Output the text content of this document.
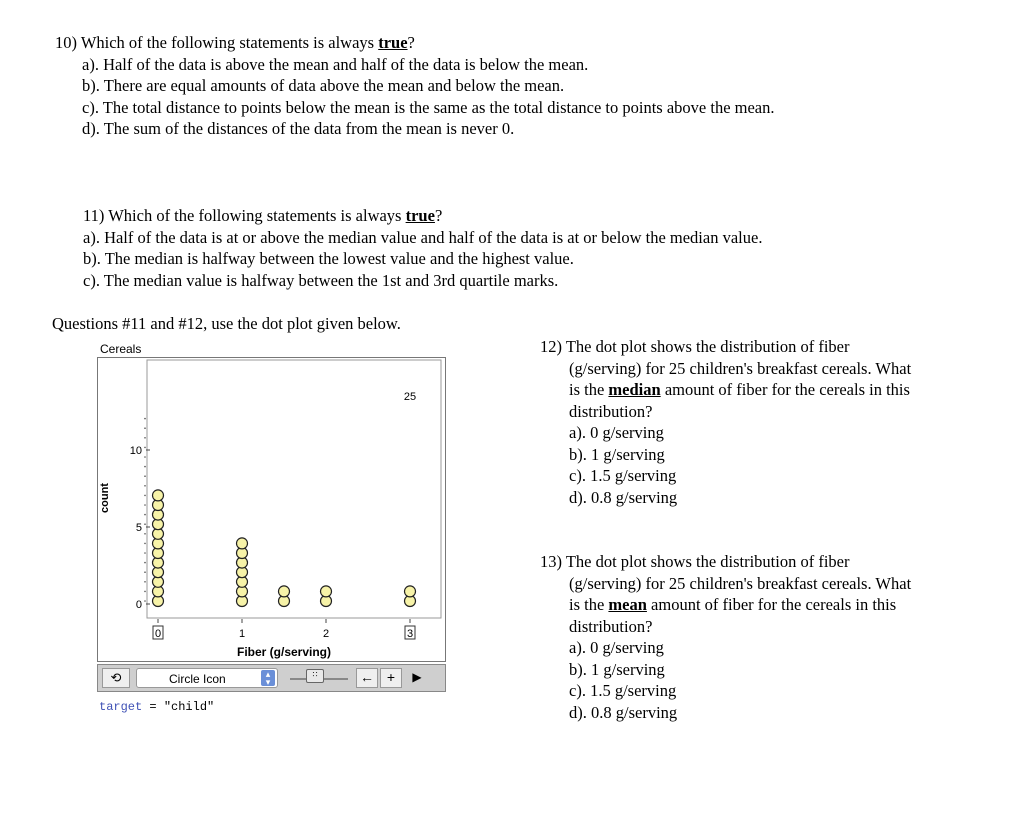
10) Which of the following statements is always true?
a). Half of the data is above the mean and half of the data is below the mean.
b). There are equal amounts of data above the mean and below the mean.
c). The total distance to points below the mean is the same as the total distance to points above the mean.
d). The sum of the distances of the data from the mean is never 0.
11) Which of the following statements is always true?
a). Half of the data is at or above the median value and half of the data is at or below the median value.
b). The median is halfway between the lowest value and the highest value.
c). The median value is halfway between the 1st and 3rd quartile marks.
Questions #11 and #12, use the dot plot given below.
12) The dot plot shows the distribution of fiber
(g/serving) for 25 children's breakfast cereals. What
is the median amount of fiber for the cereals in this
distribution?
a). 0 g/serving
b). 1 g/serving
c). 1.5 g/serving
d). 0.8 g/serving
13) The dot plot shows the distribution of fiber
(g/serving) for 25 children's breakfast cereals. What
is the mean amount of fiber for the cereals in this
distribution?
a). 0 g/serving
b). 1 g/serving
c). 1.5 g/serving
d). 0.8 g/serving
Cereals
0
5
10
count
0	1	2	3
Fiber (g/serving)
25
⟲	Circle Icon	▴
▾
∷	← +	▶
target = "child"
